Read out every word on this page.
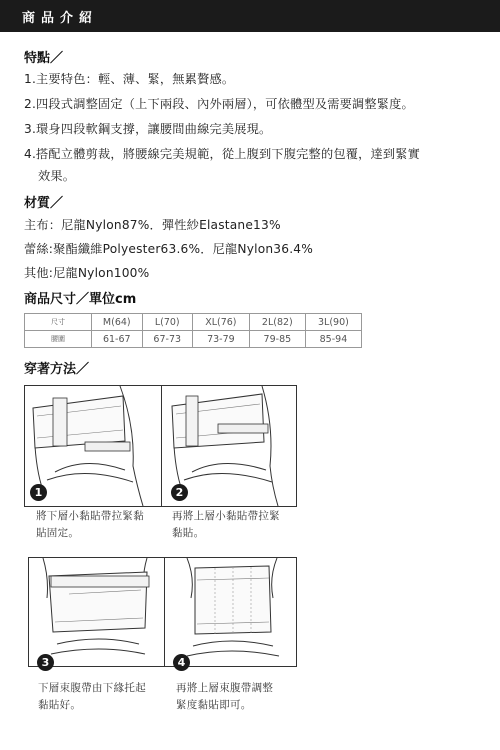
商品介紹
特點／
1.主要特色：輕、薄、緊，無累贅感。
2.四段式調整固定（上下兩段、內外兩層），可依體型及需要調整緊度。
3.環身四段軟鋼支撐，讓腰間曲線完美展現。
4.搭配立體剪裁，將腰線完美規範，從上腹到下腹完整的包覆，達到緊實
效果。
材質／
主布：尼龍Nylon87%．彈性紗Elastane13%
蕾絲:聚酯纖維Polyester63.6%．尼龍Nylon36.4%
其他:尼龍Nylon100%
商品尺寸／單位cm
尺寸	M(64)	L(70)	XL(76)	2L(82)	3L(90)
腰圍	61-67	67-73	73-79	79-85	85-94
穿著方法／
1	2
將下層小黏貼帶拉緊黏
貼固定。
再將上層小黏貼帶拉緊
黏貼。
3	4
下層束腹帶由下緣托起
黏貼好。
再將上層束腹帶調整
緊度黏貼即可。
